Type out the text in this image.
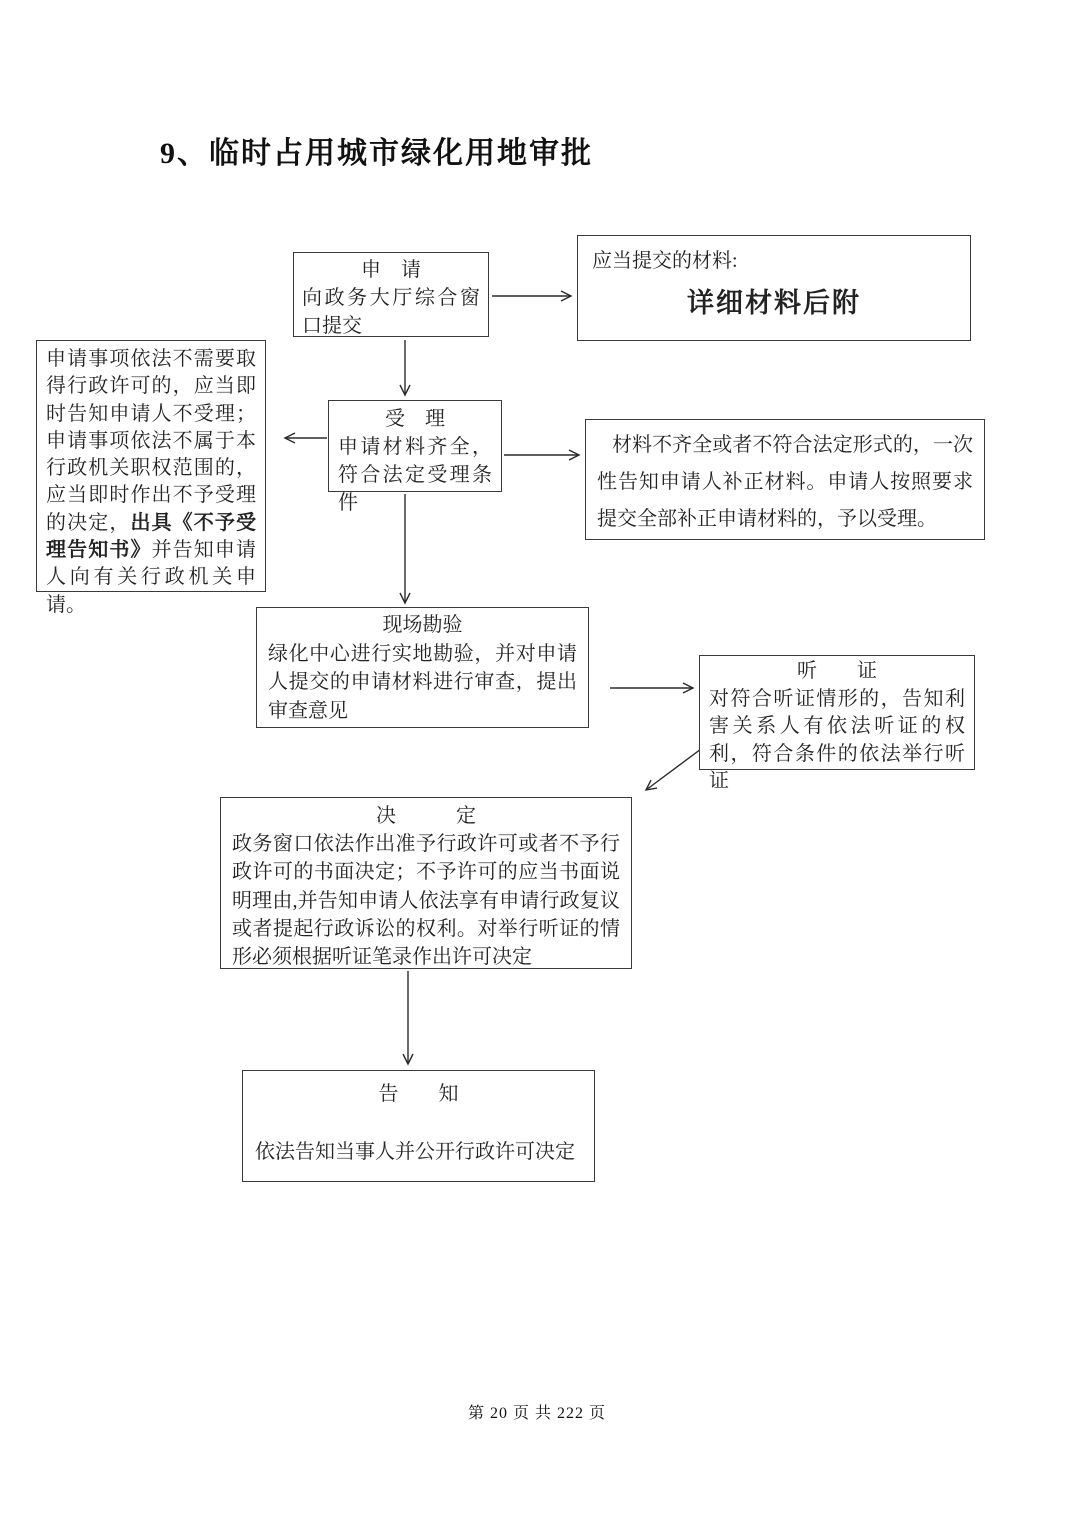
9、临时占用城市绿化用地审批
申　请
向政务大厅综合窗口提交
应当提交的材料:
详细材料后附
申请事项依法不需要取得行政许可的，应当即时告知申请人不受理；申请事项依法不属于本行政机关职权范围的，应当即时作出不予受理的决定，出具《不予受理告知书》并告知申请人向有关行政机关申请。
受　理
申请材料齐全，符合法定受理条件
材料不齐全或者不符合法定形式的，一次性告知申请人补正材料。申请人按照要求提交全部补正申请材料的，予以受理。
现场勘验
绿化中心进行实地勘验，并对申请人提交的申请材料进行审查，提出审查意见
听　　证
对符合听证情形的，告知利害关系人有依法听证的权利，符合条件的依法举行听证
决　　　定
政务窗口依法作出准予行政许可或者不予行政许可的书面决定；不予许可的应当书面说明理由,并告知申请人依法享有申请行政复议或者提起行政诉讼的权利。对举行听证的情形必须根据听证笔录作出许可决定
告　　知
依法告知当事人并公开行政许可决定
第 20 页 共 222 页
